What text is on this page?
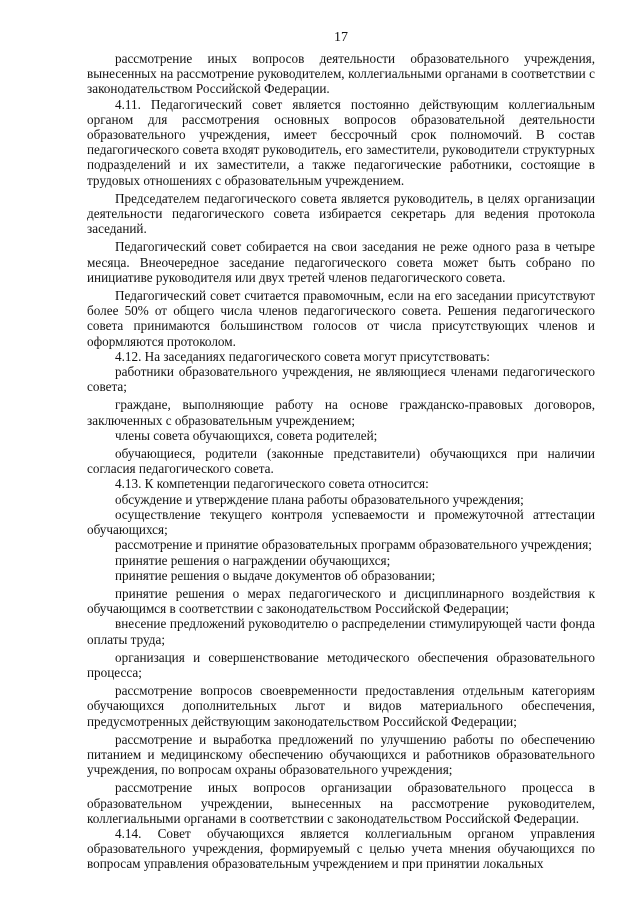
17

рассмотрение иных вопросов деятельности образовательного учреждения, вынесенных на рассмотрение руководителем, коллегиальными органами в соответствии с законодательством Российской Федерации.

4.11. Педагогический совет является постоянно действующим коллегиальным органом для рассмотрения основных вопросов образовательной деятельности образовательного учреждения, имеет бессрочный срок полномочий. В состав педагогического совета входят руководитель, его заместители, руководители структурных подразделений и их заместители, а также педагогические работники, состоящие в трудовых отношениях с образовательным учреждением.

Председателем педагогического совета является руководитель, в целях организации деятельности педагогического совета избирается секретарь для ведения протокола заседаний.

Педагогический совет собирается на свои заседания не реже одного раза в четыре месяца. Внеочередное заседание педагогического совета может быть собрано по инициативе руководителя или двух третей членов педагогического совета.

Педагогический совет считается правомочным, если на его заседании присутствуют более 50% от общего числа членов педагогического совета. Решения педагогического совета принимаются большинством голосов от числа присутствующих членов и оформляются протоколом.

4.12. На заседаниях педагогического совета могут присутствовать:

работники образовательного учреждения, не являющиеся членами педагогического совета;

граждане, выполняющие работу на основе гражданско-правовых договоров, заключенных с образовательным учреждением;

члены совета обучающихся, совета родителей;

обучающиеся, родители (законные представители) обучающихся при наличии согласия педагогического совета.

4.13. К компетенции педагогического совета относится:

обсуждение и утверждение плана работы образовательного учреждения;

осуществление текущего контроля успеваемости и промежуточной аттестации обучающихся;

рассмотрение и принятие образовательных программ образовательного учреждения;

принятие решения о награждении обучающихся;

принятие решения о выдаче документов об образовании;

принятие решения о мерах педагогического и дисциплинарного воздействия к обучающимся в соответствии с законодательством Российской Федерации;

внесение предложений руководителю о распределении стимулирующей части фонда оплаты труда;

организация и совершенствование методического обеспечения образовательного процесса;

рассмотрение вопросов своевременности предоставления отдельным категориям обучающихся дополнительных льгот и видов материального обеспечения, предусмотренных действующим законодательством Российской Федерации;

рассмотрение и выработка предложений по улучшению работы по обеспечению питанием и медицинскому обеспечению обучающихся и работников образовательного учреждения, по вопросам охраны образовательного учреждения;

рассмотрение иных вопросов организации образовательного процесса в образовательном учреждении, вынесенных на рассмотрение руководителем, коллегиальными органами в соответствии с законодательством Российской Федерации.

4.14. Совет обучающихся является коллегиальным органом управления образовательного учреждения, формируемый с целью учета мнения обучающихся по вопросам управления образовательным учреждением и при принятии локальных
